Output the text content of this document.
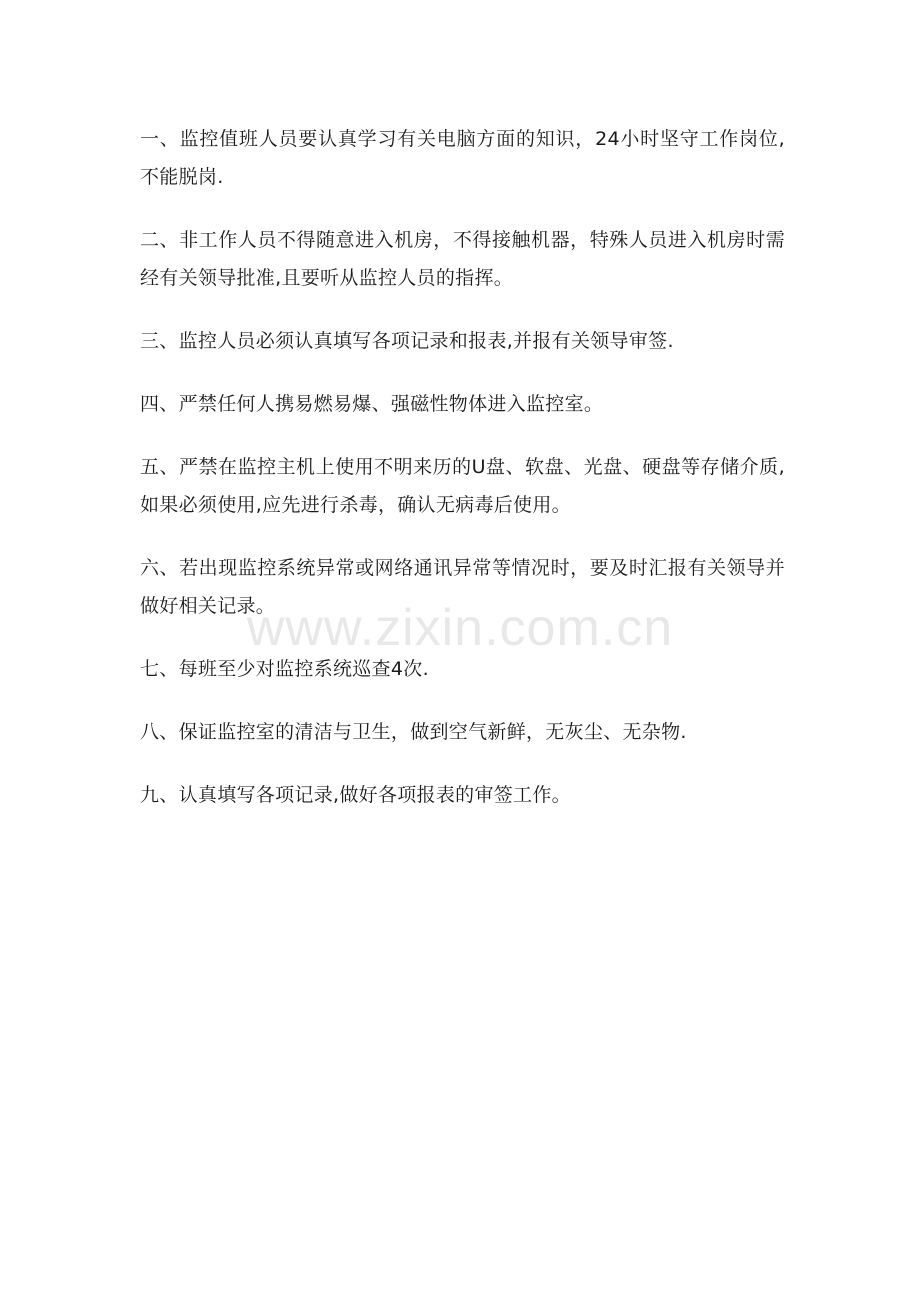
一、监控值班人员要认真学习有关电脑方面的知识，24小时坚守工作岗位,不能脱岗.

二、非工作人员不得随意进入机房，不得接触机器，特殊人员进入机房时需经有关领导批准,且要听从监控人员的指挥。

三、监控人员必须认真填写各项记录和报表,并报有关领导审签.

四、严禁任何人携易燃易爆、强磁性物体进入监控室。

五、严禁在监控主机上使用不明来历的U盘、软盘、光盘、硬盘等存储介质,如果必须使用,应先进行杀毒，确认无病毒后使用。

六、若出现监控系统异常或网络通讯异常等情况时，要及时汇报有关领导并做好相关记录。

七、每班至少对监控系统巡查4次.

八、保证监控室的清洁与卫生，做到空气新鲜，无灰尘、无杂物.

九、认真填写各项记录,做好各项报表的审签工作。

www.zixin.com.cn
